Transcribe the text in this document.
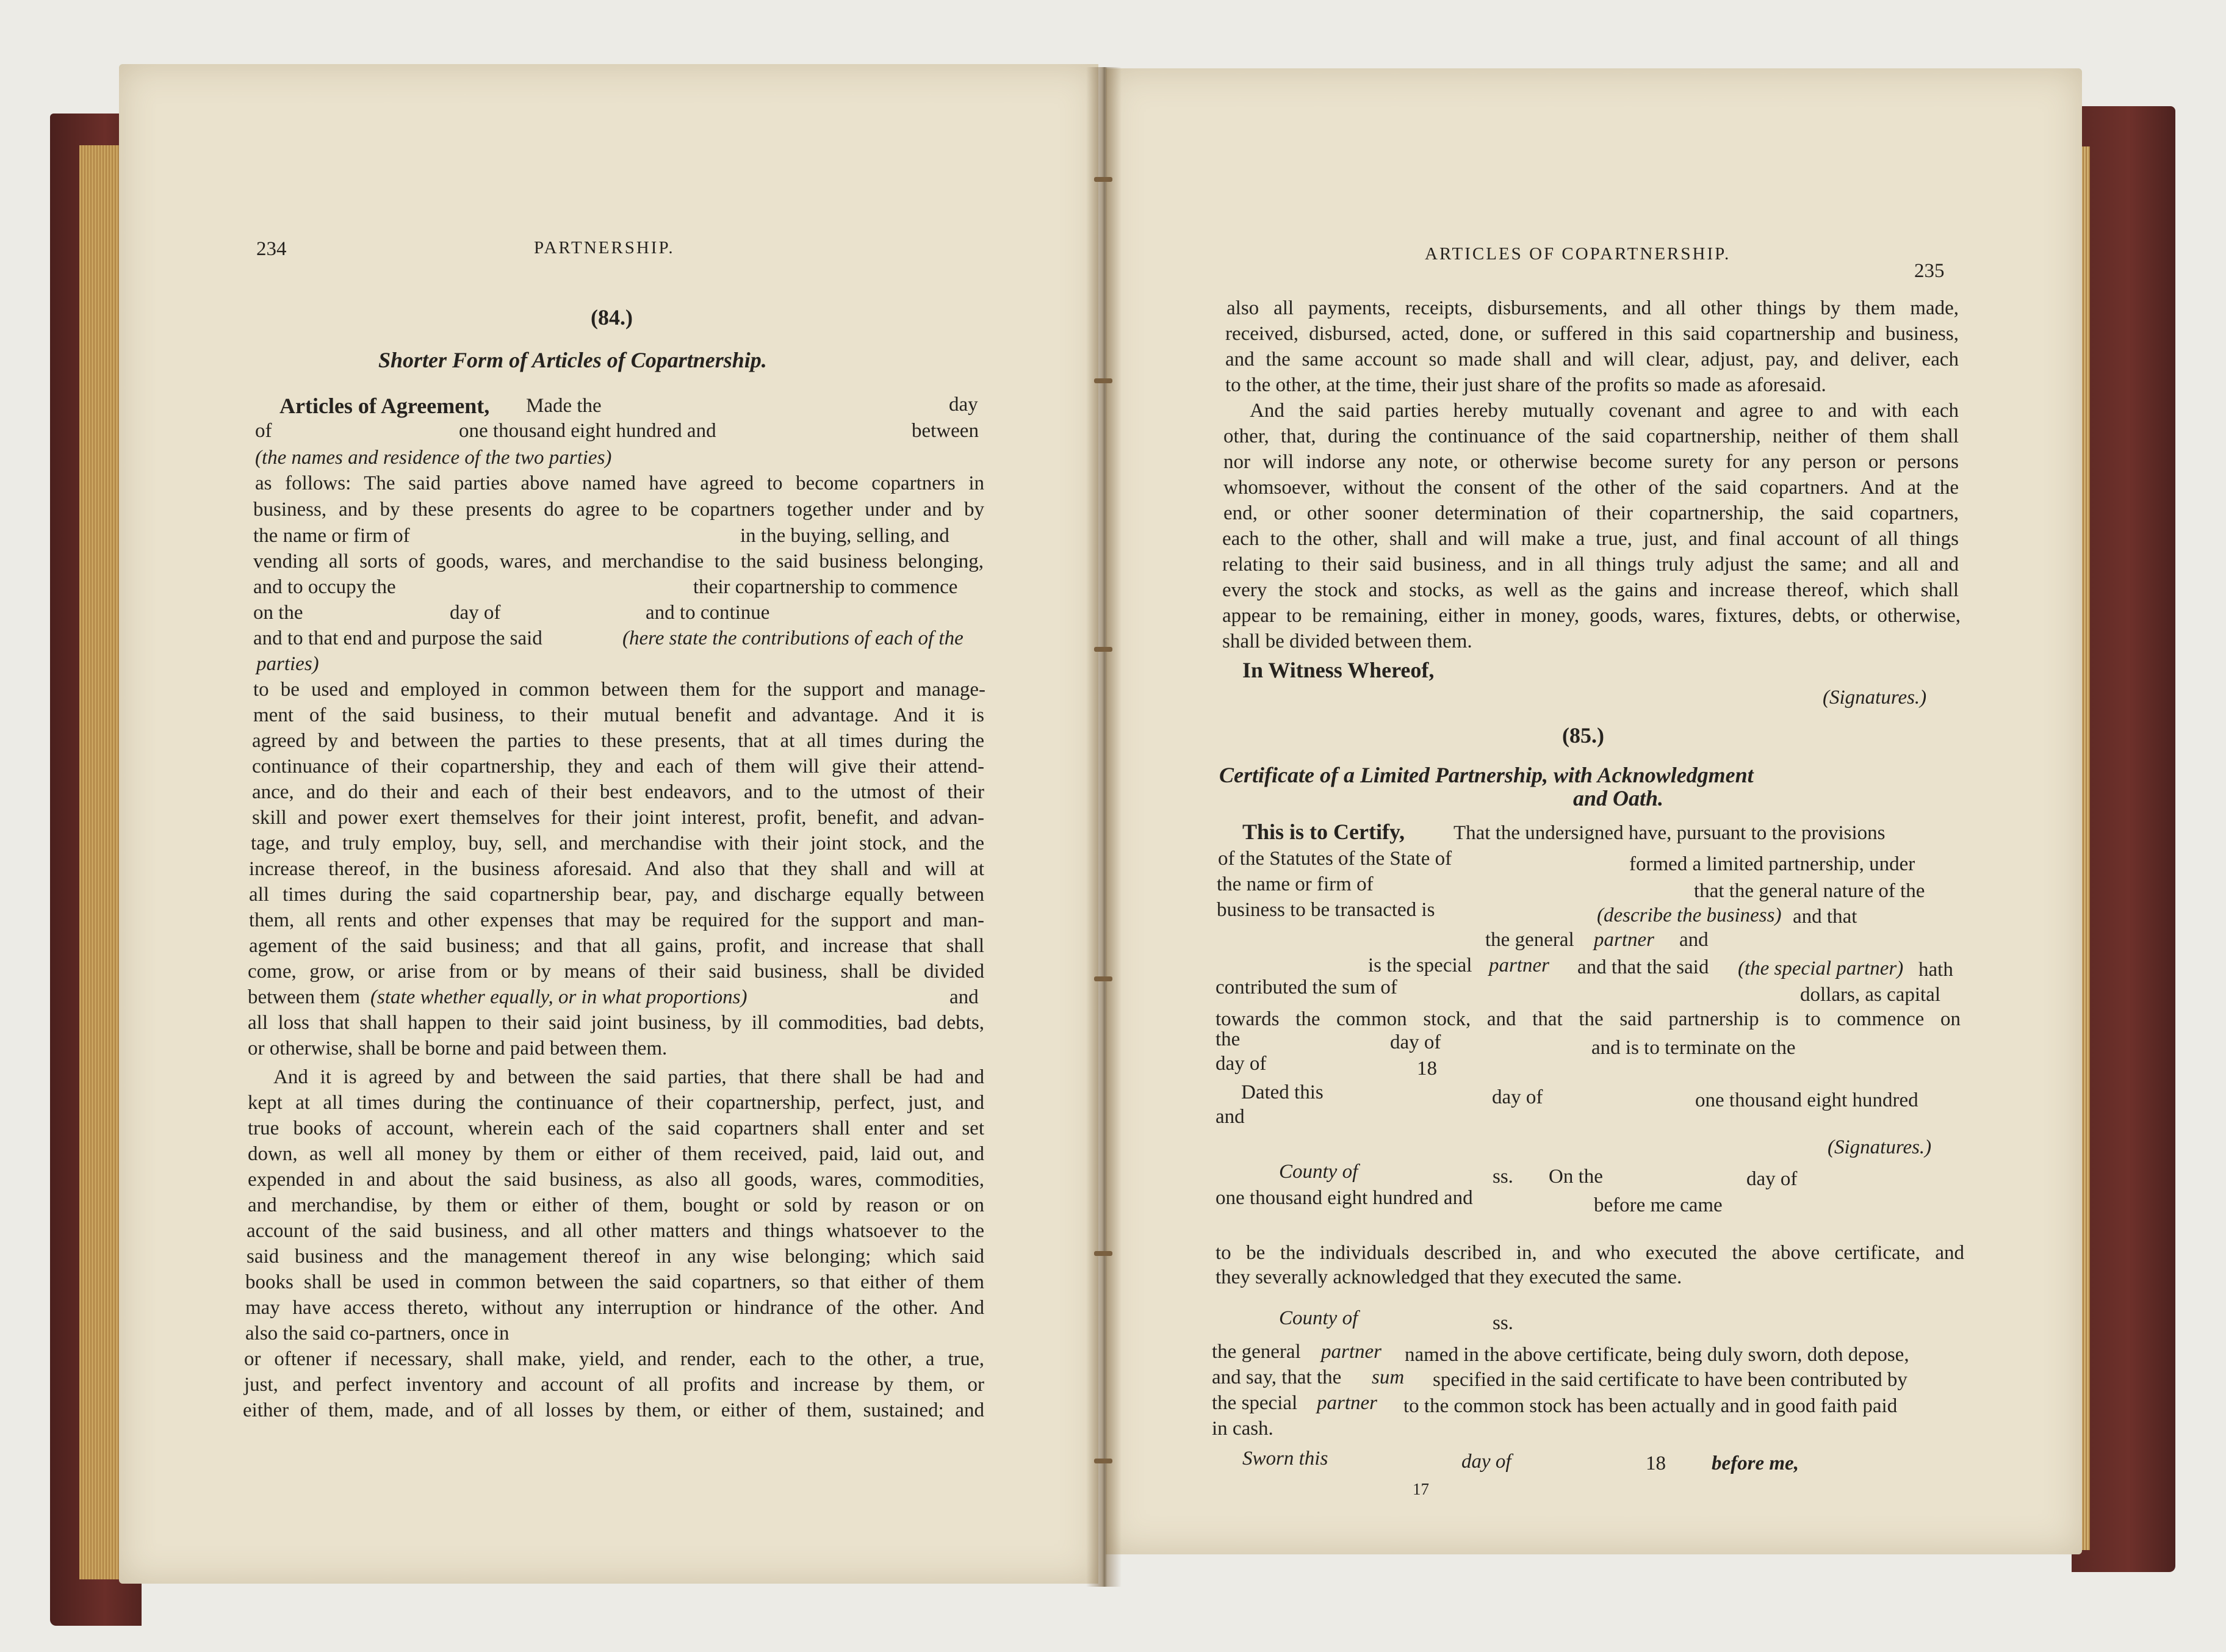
234	PARTNERSHIP.
(84.)
Shorter Form of Articles of Copartnership.
Articles of Agreement, Made the	day
of	one thousand eight hundred and	between
(the names and residence of the two parties)
as follows: The said parties above named have agreed to become copartners in
business, and by these presents do agree to be copartners together under and by
the name or firm of	in the buying, selling, and
vending all sorts of goods, wares, and merchandise to the said business belonging,
and to occupy the	their copartnership to commence
on the	day of	and to continue
and to that end and purpose the said	(here state the contributions of each of the
parties)
to be used and employed in common between them for the support and manage-
ment of the said business, to their mutual benefit and advantage. And it is
agreed by and between the parties to these presents, that at all times during the
continuance of their copartnership, they and each of them will give their attend-
ance, and do their and each of their best endeavors, and to the utmost of their
skill and power exert themselves for their joint interest, profit, benefit, and advan-
tage, and truly employ, buy, sell, and merchandise with their joint stock, and the
increase thereof, in the business aforesaid. And also that they shall and will at
all times during the said copartnership bear, pay, and discharge equally between
them, all rents and other expenses that may be required for the support and man-
agement of the said business; and that all gains, profit, and increase that shall
come, grow, or arise from or by means of their said business, shall be divided
between them (state whether equally, or in what proportions)	and
all loss that shall happen to their said joint business, by ill commodities, bad debts,
or otherwise, shall be borne and paid between them.
And it is agreed by and between the said parties, that there shall be had and
kept at all times during the continuance of their copartnership, perfect, just, and
true books of account, wherein each of the said copartners shall enter and set
down, as well all money by them or either of them received, paid, laid out, and
expended in and about the said business, as also all goods, wares, commodities,
and merchandise, by them or either of them, bought or sold by reason or on
account of the said business, and all other matters and things whatsoever to the
said business and the management thereof in any wise belonging; which said
books shall be used in common between the said copartners, so that either of them
may have access thereto, without any interruption or hindrance of the other. And
also the said co-partners, once in
or oftener if necessary, shall make, yield, and render, each to the other, a true,
just, and perfect inventory and account of all profits and increase by them, or
either of them, made, and of all losses by them, or either of them, sustained; and
ARTICLES OF COPARTNERSHIP.
235
also all payments, receipts, disbursements, and all other things by them made,
received, disbursed, acted, done, or suffered in this said copartnership and business,
and the same account so made shall and will clear, adjust, pay, and deliver, each
to the other, at the time, their just share of the profits so made as aforesaid.
And the said parties hereby mutually covenant and agree to and with each
other, that, during the continuance of the said copartnership, neither of them shall
nor will indorse any note, or otherwise become surety for any person or persons
whomsoever, without the consent of the other of the said copartners. And at the
end, or other sooner determination of their copartnership, the said copartners,
each to the other, shall and will make a true, just, and final account of all things
relating to their said business, and in all things truly adjust the same; and all and
every the stock and stocks, as well as the gains and increase thereof, which shall
appear to be remaining, either in money, goods, wares, fixtures, debts, or otherwise,
shall be divided between them.
In Witness Whereof,
(Signatures.)
(85.)
Certificate of a Limited Partnership, with Acknowledgment
and Oath.
This is to Certify, That the undersigned have, pursuant to the provisions
of the Statutes of the State of	formed a limited partnership, under
the name or firm of	that the general nature of the
business to be transacted is	(describe the business) and that
the general partner and
is the special partner and that the said (the special partner) hath
contributed the sum of	dollars, as capital
towards the common stock, and that the said partnership is to commence on
the	day of	and is to terminate on the
day of	18
Dated this	day of	one thousand eight hundred
and
(Signatures.)
County of	ss. On the	day of
one thousand eight hundred and	before me came
to be the individuals described in, and who executed the above certificate, and
they severally acknowledged that they executed the same.
County of	ss.
the general partner named in the above certificate, being duly sworn, doth depose,
and say, that the sum specified in the said certificate to have been contributed by
the special partner to the common stock has been actually and in good faith paid
in cash.
Sworn this	day of	18 before me,
17
